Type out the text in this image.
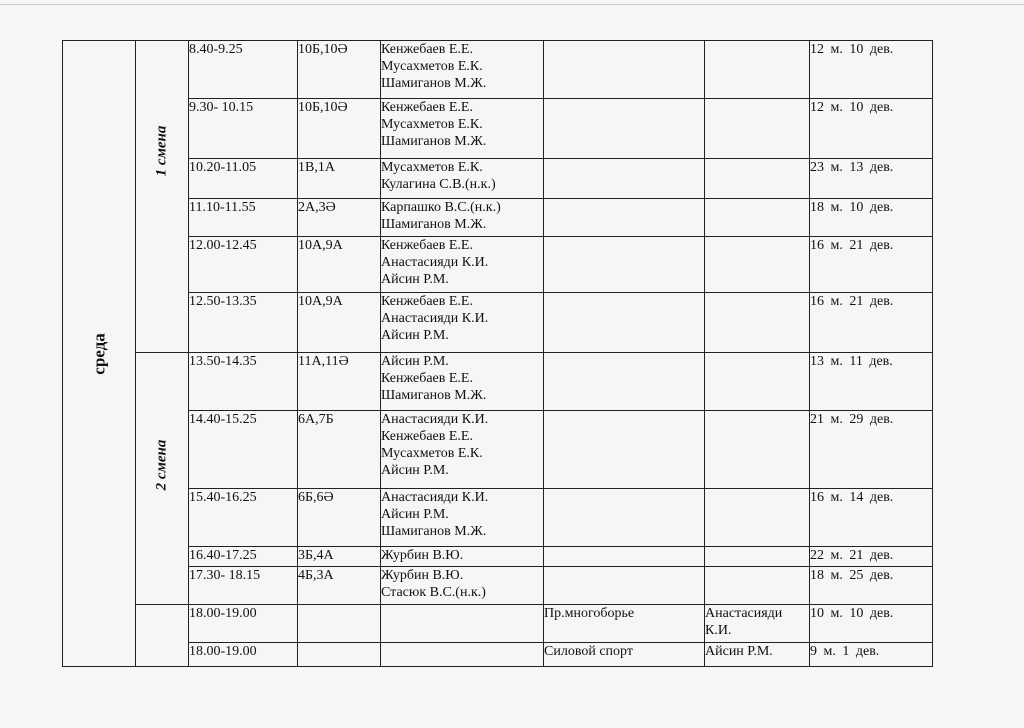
среда	1 смена	8.40-9.25	10Б,10Ә	Кенжебаев Е.Е.
Мусахметов Е.К.
Шамиганов М.Ж.			12 м. 10 дев.
		9.30- 10.15	10Б,10Ә	Кенжебаев Е.Е.
Мусахметов Е.К.
Шамиганов М.Ж.			12 м. 10 дев.
		10.20-11.05	1В,1А	Мусахметов Е.К.
Кулагина С.В.(н.к.)			23 м. 13 дев.
		11.10-11.55	2А,3Ә	Карпашко В.С.(н.к.)
Шамиганов М.Ж.			18 м. 10 дев.
		12.00-12.45	10А,9А	Кенжебаев Е.Е.
Анастасияди К.И.
Айсин Р.М.			16 м. 21 дев.
		12.50-13.35	10А,9А	Кенжебаев Е.Е.
Анастасияди К.И.
Айсин Р.М.			16 м. 21 дев.

	2 смена	13.50-14.35	11А,11Ә	Айсин Р.М.
Кенжебаев Е.Е.
Шамиганов М.Ж.			13 м. 11 дев.
		14.40-15.25	6А,7Б	Анастасияди К.И.
Кенжебаев Е.Е.
Мусахметов Е.К.
Айсин Р.М.			21 м. 29 дев.
		15.40-16.25	6Б,6Ә	Анастасияди К.И.
Айсин Р.М.
Шамиганов М.Ж.			16 м. 14 дев.
		16.40-17.25	3Б,4А	Журбин В.Ю.			22 м. 21 дев.
		17.30- 18.15	4Б,3А	Журбин В.Ю.
Стасюк В.С.(н.к.)			18 м. 25 дев.
		18.00-19.00			Пр.многоборье	Анастасияди К.И.	10 м. 10 дев.
		18.00-19.00			Силовой спорт	Айсин Р.М.	9 м. 1 дев.
